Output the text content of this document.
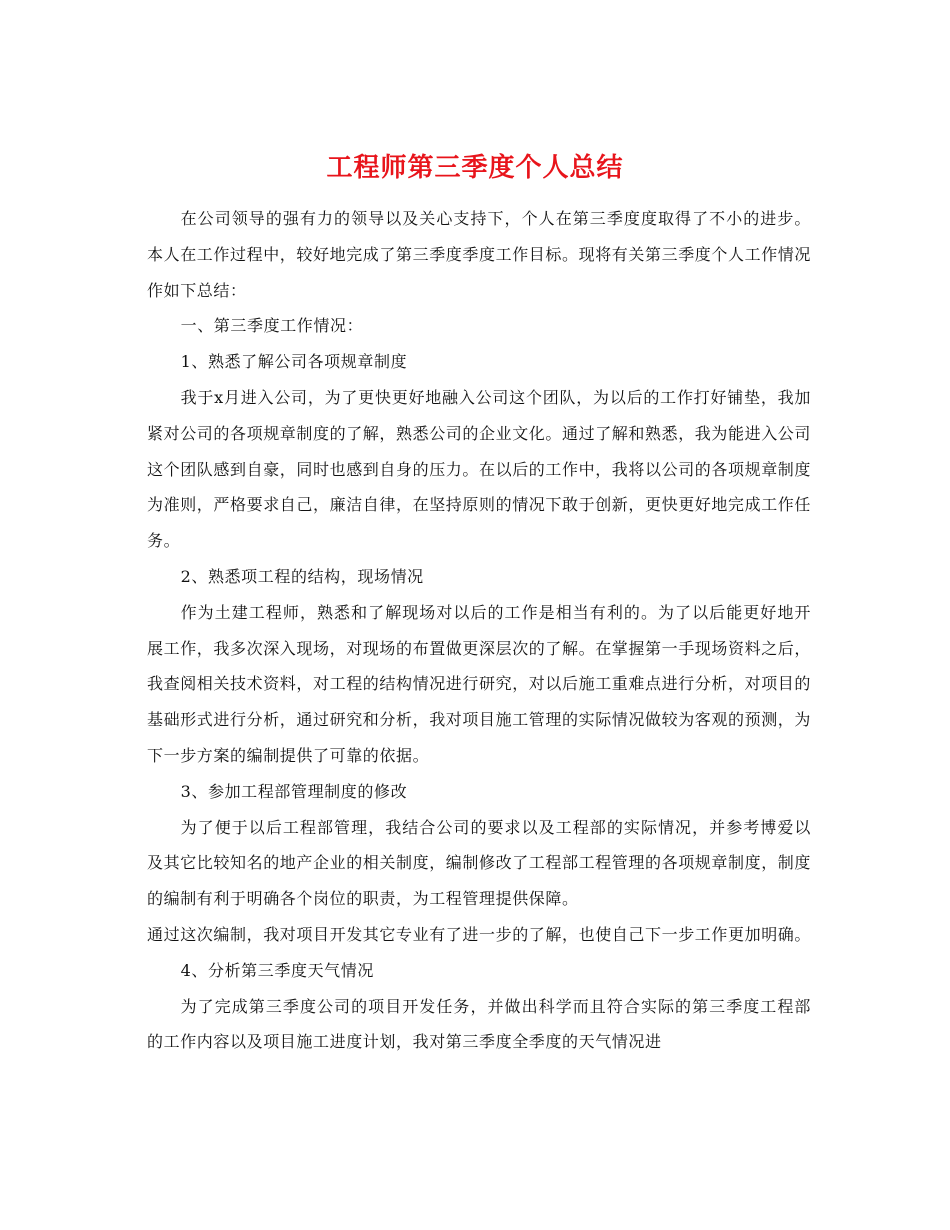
工程师第三季度个人总结

在公司领导的强有力的领导以及关心支持下，个人在第三季度度取得了不小的进步。本人在工作过程中，较好地完成了第三季度季度工作目标。现将有关第三季度个人工作情况作如下总结：

一、第三季度工作情况：

1、熟悉了解公司各项规章制度

我于x月进入公司，为了更快更好地融入公司这个团队，为以后的工作打好铺垫，我加紧对公司的各项规章制度的了解，熟悉公司的企业文化。通过了解和熟悉，我为能进入公司这个团队感到自豪，同时也感到自身的压力。在以后的工作中，我将以公司的各项规章制度为准则，严格要求自己，廉洁自律，在坚持原则的情况下敢于创新，更快更好地完成工作任务。

2、熟悉项工程的结构，现场情况

作为土建工程师，熟悉和了解现场对以后的工作是相当有利的。为了以后能更好地开展工作，我多次深入现场，对现场的布置做更深层次的了解。在掌握第一手现场资料之后，我查阅相关技术资料，对工程的结构情况进行研究，对以后施工重难点进行分析，对项目的基础形式进行分析，通过研究和分析，我对项目施工管理的实际情况做较为客观的预测，为下一步方案的编制提供了可靠的依据。

3、参加工程部管理制度的修改

为了便于以后工程部管理，我结合公司的要求以及工程部的实际情况，并参考博爱以及其它比较知名的地产企业的相关制度，编制修改了工程部工程管理的各项规章制度，制度的编制有利于明确各个岗位的职责，为工程管理提供保障。

通过这次编制，我对项目开发其它专业有了进一步的了解，也使自己下一步工作更加明确。

4、分析第三季度天气情况

为了完成第三季度公司的项目开发任务，并做出科学而且符合实际的第三季度工程部的工作内容以及项目施工进度计划，我对第三季度全季度的天气情况进
